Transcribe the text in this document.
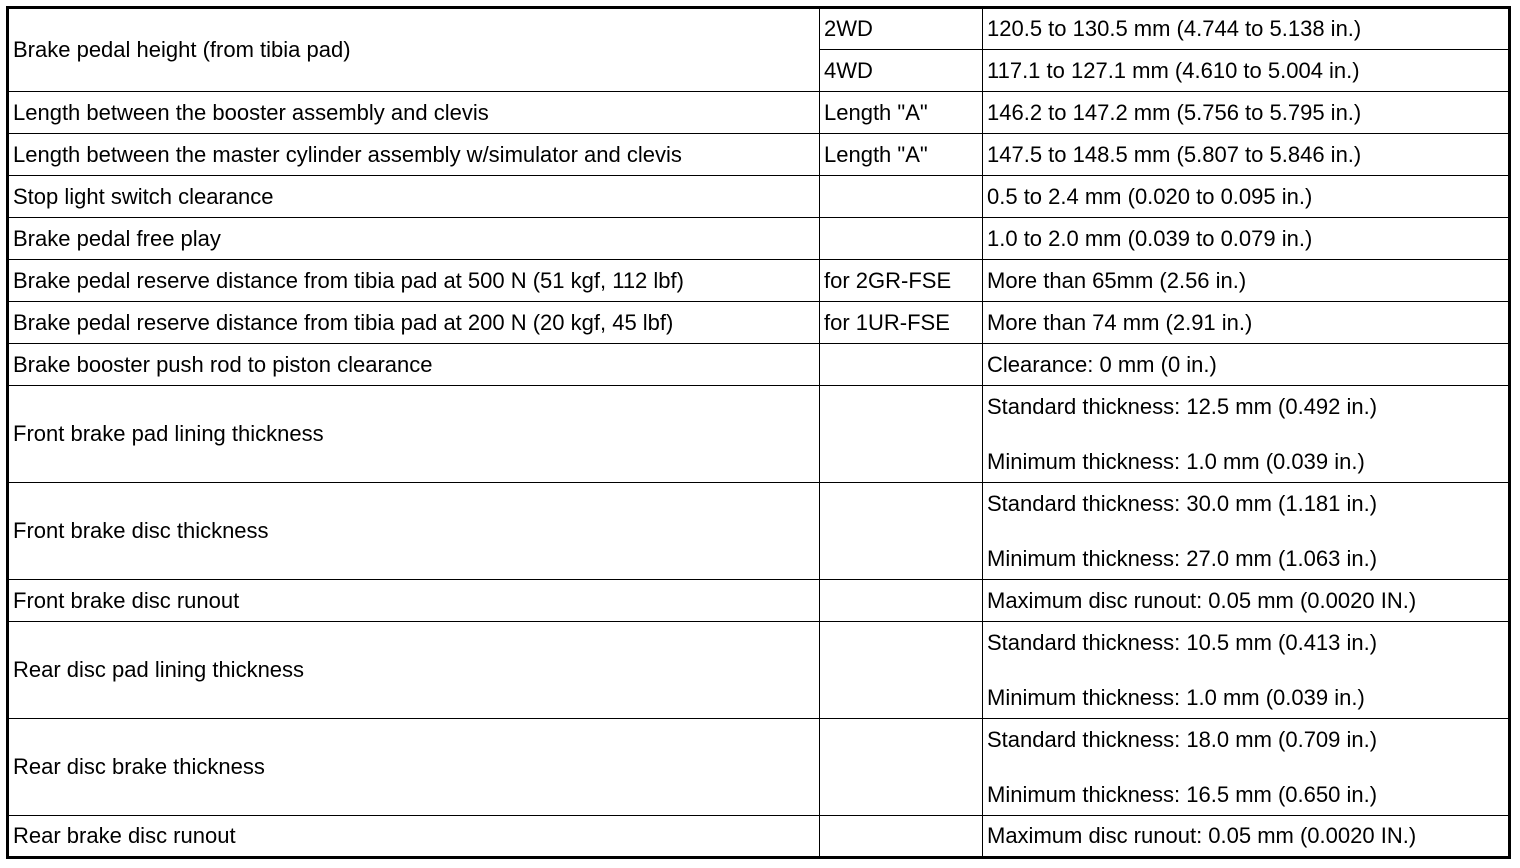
Brake pedal height (from tibia pad)	2WD	120.5 to 130.5 mm (4.744 to 5.138 in.)
	4WD	117.1 to 127.1 mm (4.610 to 5.004 in.)
Length between the booster assembly and clevis	Length "A"	146.2 to 147.2 mm (5.756 to 5.795 in.)
Length between the master cylinder assembly w/simulator and clevis	Length "A"	147.5 to 148.5 mm (5.807 to 5.846 in.)
Stop light switch clearance		0.5 to 2.4 mm (0.020 to 0.095 in.)
Brake pedal free play		1.0 to 2.0 mm (0.039 to 0.079 in.)
Brake pedal reserve distance from tibia pad at 500 N (51 kgf, 112 lbf)	for 2GR-FSE	More than 65mm (2.56 in.)
Brake pedal reserve distance from tibia pad at 200 N (20 kgf, 45 lbf)	for 1UR-FSE	More than 74 mm (2.91 in.)
Brake booster push rod to piston clearance		Clearance: 0 mm (0 in.)
Front brake pad lining thickness		Standard thickness: 12.5 mm (0.492 in.)
Minimum thickness: 1.0 mm (0.039 in.)

Front brake disc thickness		Standard thickness: 30.0 mm (1.181 in.)
Minimum thickness: 27.0 mm (1.063 in.)

Front brake disc runout		Maximum disc runout: 0.05 mm (0.0020 IN.)
Rear disc pad lining thickness		Standard thickness: 10.5 mm (0.413 in.)
Minimum thickness: 1.0 mm (0.039 in.)

Rear disc brake thickness		Standard thickness: 18.0 mm (0.709 in.)
Minimum thickness: 16.5 mm (0.650 in.)

Rear brake disc runout		Maximum disc runout: 0.05 mm (0.0020 IN.)
